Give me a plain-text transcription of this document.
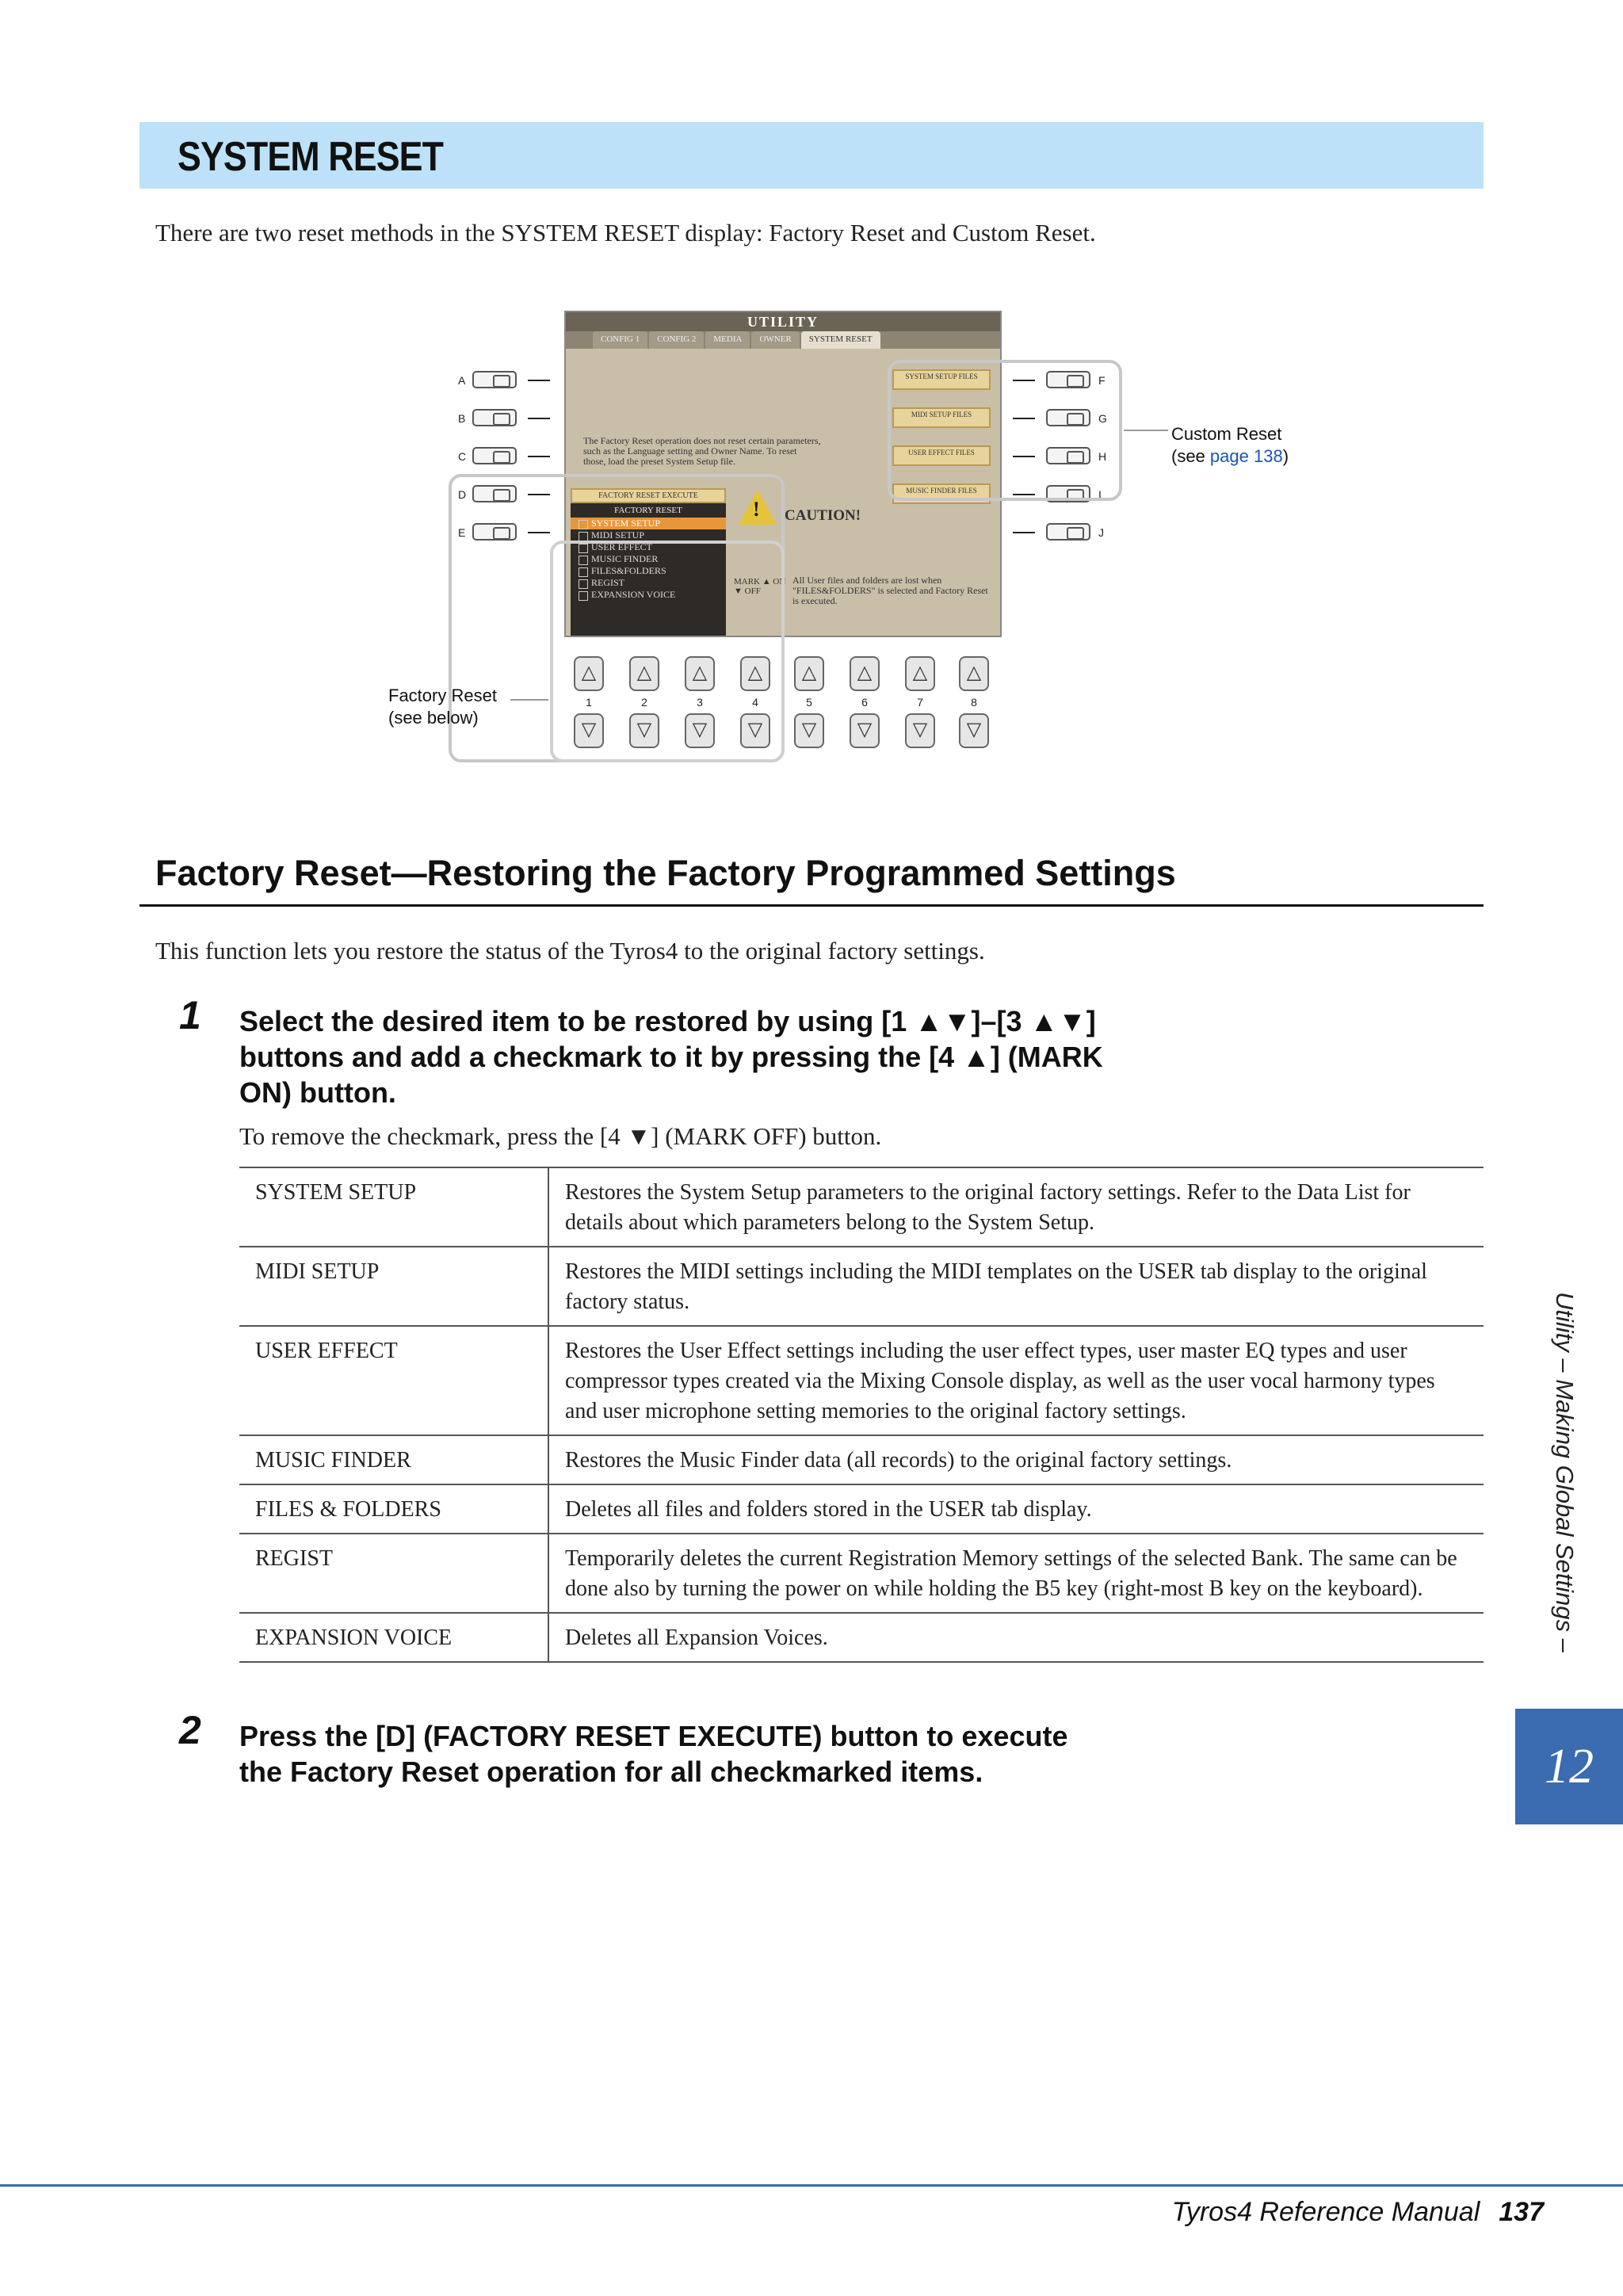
SYSTEM RESET
There are two reset methods in the SYSTEM RESET display: Factory Reset and Custom Reset.
A
B
C
D
E
UTILITY
CONFIG 1	CONFIG 2	MEDIA	OWNER	SYSTEM RESET
The Factory Reset operation does not reset certain parameters, such as the Language setting and Owner Name. To reset those, load the preset System Setup file.
! CAUTION!
All User files and folders are lost when "FILES&FOLDERS" is selected and Factory Reset is executed.
FACTORY RESET EXECUTE
FACTORY RESET
SYSTEM SETUP
MIDI SETUP
USER EFFECT
MUSIC FINDER
FILES&FOLDERS
REGIST
EXPANSION VOICE
MARK ▲ ON
▼ OFF
SYSTEM SETUP FILES
MIDI SETUP FILES
USER EFFECT FILES
MUSIC FINDER FILES
F
G
H
I
J
△	△	△	△	△	△	△	△
1	2	3	4	5	6	7	8
▽	▽	▽	▽	▽	▽	▽	▽
Custom Reset
(see page 138)
Factory Reset
(see below)
Factory Reset—Restoring the Factory Programmed Settings
This function lets you restore the status of the Tyros4 to the original factory settings.
1 Select the desired item to be restored by using [1 ▲▼]–[3 ▲▼]
buttons and add a checkmark to it by pressing the [4 ▲] (MARK
ON) button.
To remove the checkmark, press the [4 ▼] (MARK OFF) button.
SYSTEM SETUP	Restores the System Setup parameters to the original factory settings. Refer to the Data List for details about which parameters belong to the System Setup.
MIDI SETUP	Restores the MIDI settings including the MIDI templates on the USER tab display to the original factory status.
USER EFFECT	Restores the User Effect settings including the user effect types, user master EQ types and user compressor types created via the Mixing Console display, as well as the user vocal harmony types and user microphone setting memories to the original factory settings.
MUSIC FINDER	Restores the Music Finder data (all records) to the original factory settings.
FILES & FOLDERS	Deletes all files and folders stored in the USER tab display.
REGIST	Temporarily deletes the current Registration Memory settings of the selected Bank. The same can be done also by turning the power on while holding the B5 key (right-most B key on the keyboard).
EXPANSION VOICE	Deletes all Expansion Voices.
2 Press the [D] (FACTORY RESET EXECUTE) button to execute
the Factory Reset operation for all checkmarked items.
Utility – Making Global Settings –
12
Tyros4 Reference Manual 137
